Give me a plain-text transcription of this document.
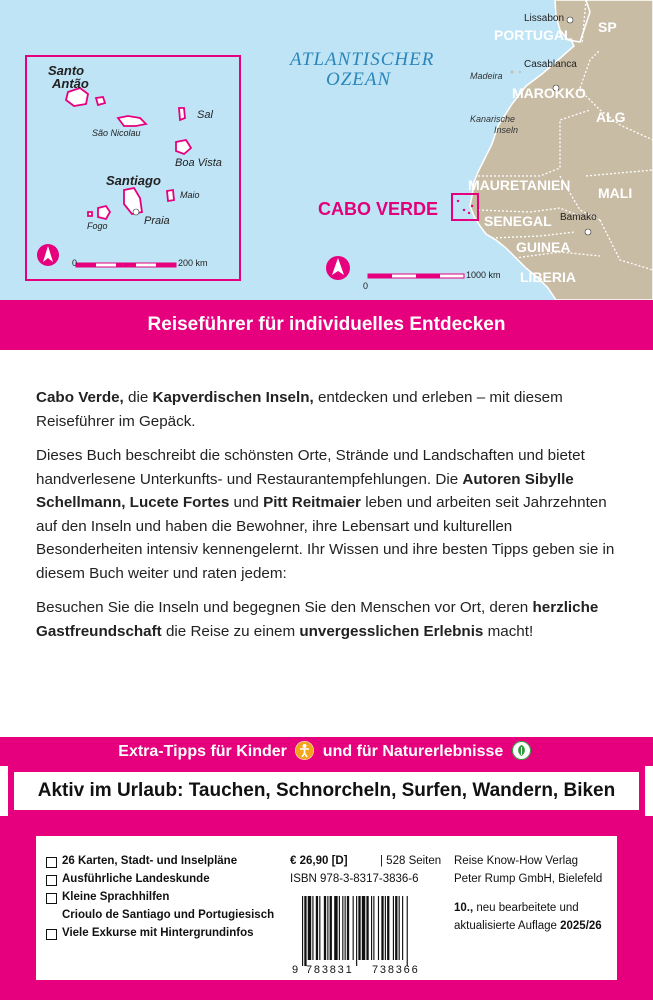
ATLANTISCHER
OZEAN
Lissabon
PORTUGAL SP
Madeira
Casablanca
MAROKKO
Kanarische
Inseln
ALG
MAURETANIEN MALI
SENEGAL Bamako
GUINEA
LIBERIA
CABO VERDE
0
1000 km
Santo
Antão
São Nicolau
Sal
Boa Vista
Santiago
Maio
Praia
Fogo
0	200 km
Reiseführer für individuelles Entdecken

Cabo Verde, die Kapverdischen Inseln, entdecken und erleben – mit diesem Reiseführer im Gepäck.

Dieses Buch beschreibt die schönsten Orte, Strände und Landschaften und bietet handverlesene Unterkunfts- und Restaurantempfehlungen. Die Autoren Sibylle Schellmann, Lucete Fortes und Pitt Reitmaier leben und arbeiten seit Jahrzehnten auf den Inseln und haben die Bewohner, ihre Lebensart und kulturellen Besonderheiten intensiv kennengelernt. Ihr Wissen und ihre besten Tipps geben sie in diesem Buch weiter und raten jedem:

Besuchen Sie die Inseln und begegnen Sie den Menschen vor Ort, deren herzliche Gastfreundschaft die Reise zu einem unvergesslichen Erlebnis macht!

Extra-Tipps für Kinder und für Naturerlebnisse
Aktiv im Urlaub: Tauchen, Schnorcheln, Surfen, Wandern, Biken
26 Karten, Stadt- und Inselpläne
Ausführliche Landeskunde
Kleine Sprachhilfen
Crioulo de Santiago und Portugiesisch
Viele Exkurse mit Hintergrundinfos
€ 26,90 [D]	| 528 Seiten
ISBN 978-3-8317-3836-6
Reise Know-How Verlag
Peter Rump GmbH, Bielefeld
10., neu bearbeitete und
aktualisierte Auflage 2025/26
9 783831 738366
